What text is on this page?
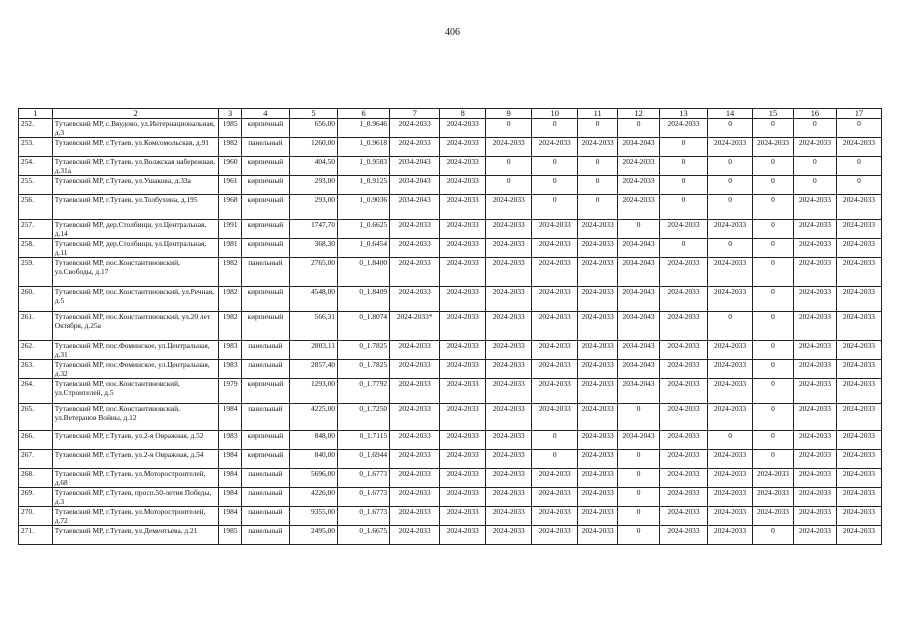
406
1	2	3	4	5	6	7	8	9	10	11	12	13	14	15	16	17
252.	Тутаевский МР, с.Ввудово, ул.Интернациональная, д.3	1985	кирпичный	656,00	1_0.9646	2024-2033	2024-2033	0	0	0	0	2024-2033	0	0	0	0
253.	Тутаевский МР, г.Тутаев, ул.Комсомольская, д.91	1982	панельный	1260,00	1_0.9618	2024-2033	2024-2033	2024-2033	2024-2033	2024-2033	2034-2043	0	2024-2033	2024-2033	2024-2033	2024-2033
254.	Тутаевский МР, г.Тутаев, ул.Волжская набережная, д.31а	1960	кирпичный	404,50	1_0.9583	2034-2043	2024-2033	0	0	0	2024-2033	0	0	0	0	0
255.	Тутаевский МР, г.Тутаев, ул.Ушакова, д.33а	1961	кирпичный	293,00	1_0.9125	2034-2043	2024-2033	0	0	0	2024-2033	0	0	0	0	0
256.	Тутаевский МР, г.Тутаев, ул.Толбухина, д.195	1968	кирпичный	293,00	1_0.9036	2034-2043	2024-2033	2024-2033	0	0	2024-2033	0	0	0	2024-2033	2024-2033
257.	Тутаевский МР, дер.Столбищи, ул.Центральная, д.14	1991	кирпичный	1747,70	1_0.6625	2024-2033	2024-2033	2024-2033	2024-2033	2024-2033	0	2024-2033	2024-2033	0	2024-2033	2024-2033
258.	Тутаевский МР, дер.Столбищи, ул.Центральная, д.11	1981	кирпичный	368,30	1_0.6454	2024-2033	2024-2033	2024-2033	2024-2033	2024-2033	2034-2043	0	0	0	2024-2033	2024-2033
259.	Тутаевский МР, пос.Константиновский, ул.Свободы, д.17	1982	панельный	2765,00	0_1.8400	2024-2033	2024-2033	2024-2033	2024-2033	2024-2033	2034-2043	2024-2033	2024-2033	0	2024-2033	2024-2033
260.	Тутаевский МР, пос.Константиновский, ул.Речная, д.5	1982	кирпичный	4548,00	0_1.8409	2024-2033	2024-2033	2024-2033	2024-2033	2024-2033	2034-2043	2024-2033	2024-2033	0	2024-2033	2024-2033
261.	Тутаевский МР, пос.Константиновский, ул.20 лет Октября, д.25а	1982	кирпичный	566,31	0_1.8074	2024-2033*	2024-2033	2024-2033	2024-2033	2024-2033	2034-2043	2024-2033	0	0	2024-2033	2024-2033
262.	Тутаевский МР, пос.Фоминское, ул.Центральная, д.31	1983	панельный	2803,11	0_1.7825	2024-2033	2024-2033	2024-2033	2024-2033	2024-2033	2034-2043	2024-2033	2024-2033	0	2024-2033	2024-2033
263.	Тутаевский МР, пос.Фоминское, ул.Центральная, д.32	1983	панельный	2857,40	0_1.7825	2024-2033	2024-2033	2024-2033	2024-2033	2024-2033	2034-2043	2024-2033	2024-2033	0	2024-2033	2024-2033
264.	Тутаевский МР, пос.Константиновский, ул.Строителей, д.5	1979	кирпичный	1293,00	0_1.7792	2024-2033	2024-2033	2024-2033	2024-2033	2024-2033	2034-2043	2024-2033	2024-2033	0	2024-2033	2024-2033
265.	Тутаевский МР, пос.Константиновский, ул.Ветеранов Войны, д.12	1984	панельный	4225,00	0_1.7250	2024-2033	2024-2033	2024-2033	2024-2033	2024-2033	0	2024-2033	2024-2033	0	2024-2033	2024-2033
266.	Тутаевский МР, г.Тутаев, ул.2-я Овражная, д.52	1983	кирпичный	848,00	0_1.7115	2024-2033	2024-2033	2024-2033	0	2024-2033	2034-2043	2024-2033	0	0	2024-2033	2024-2033
267.	Тутаевский МР, г.Тутаев, ул.2-я Овражная, д.54	1984	кирпичный	840,00	0_1.6944	2024-2033	2024-2033	2024-2033	0	2024-2033	0	2024-2033	2024-2033	0	2024-2033	2024-2033
268.	Тутаевский МР, г.Тутаев, ул.Моторостроителей, д.68	1984	панельный	5696,00	0_1.6773	2024-2033	2024-2033	2024-2033	2024-2033	2024-2033	0	2024-2033	2024-2033	2024-2033	2024-2033	2024-2033
269.	Тутаевский МР, г.Тутаев, просп.50-летия Победы, д.3	1984	панельный	4226,00	0_1.6773	2024-2033	2024-2033	2024-2033	2024-2033	2024-2033	0	2024-2033	2024-2033	2024-2033	2024-2033	2024-2033
270.	Тутаевский МР, г.Тутаев, ул.Моторостроителей, д.72	1984	панельный	9355,00	0_1.6773	2024-2033	2024-2033	2024-2033	2024-2033	2024-2033	0	2024-2033	2024-2033	2024-2033	2024-2033	2024-2033
271.	Тутаевский МР, г.Тутаев, ул.Дементьева, д.21	1985	панельный	2495,00	0_1.6675	2024-2033	2024-2033	2024-2033	2024-2033	2024-2033	0	2024-2033	2024-2033	0	2024-2033	2024-2033
